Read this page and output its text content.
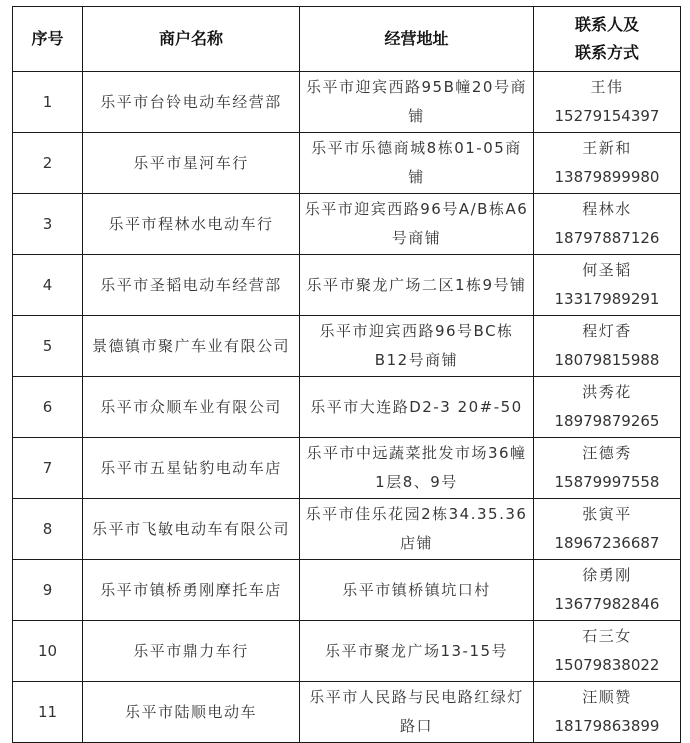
序号	商户名称	经营地址	联系人及
联系方式

1	乐平市台铃电动车经营部	乐平市迎宾西路95B幢20号商铺	王伟
15279154397

2	乐平市星河车行	乐平市乐德商城8栋01-05商铺	王新和
13879899980

3	乐平市程林水电动车行	乐平市迎宾西路96号A/B栋A6号商铺	程林水
18797887126

4	乐平市圣韬电动车经营部	乐平市聚龙广场二区1栋9号铺	何圣韬
13317989291

5	景德镇市聚广车业有限公司	乐平市迎宾西路96号BC栋B12号商铺	程灯香
18079815988

6	乐平市众顺车业有限公司	乐平市大连路D2-3 20#-50	洪秀花
18979879265

7	乐平市五星钻豹电动车店	乐平市中远蔬菜批发市场36幢1层8、9号	汪德秀
15879997558

8	乐平市飞敏电动车有限公司	乐平市佳乐花园2栋34.35.36店铺	张寅平
18967236687

9	乐平市镇桥勇刚摩托车店	乐平市镇桥镇坑口村	徐勇刚
13677982846

10	乐平市鼎力车行	乐平市聚龙广场13-15号	石三女
15079838022

11	乐平市陆顺电动车	乐平市人民路与民电路红绿灯路口	汪顺赞
18179863899
